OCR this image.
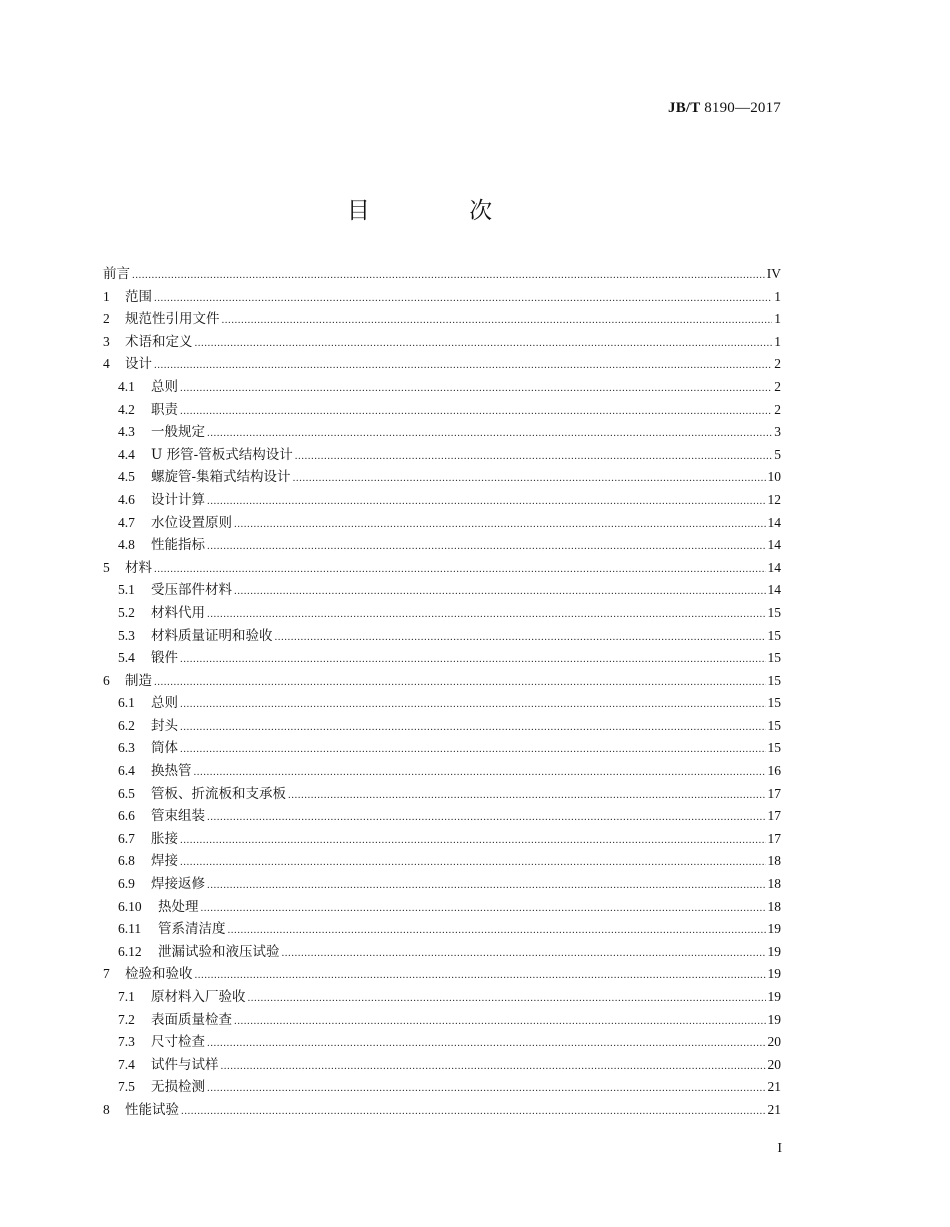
JB/T 8190—2017
目 次
前言 .....	IV
1	范围 .....	1
2	规范性引用文件 .....	1
3	术语和定义 .....	1
4	设计 .....	2
4.1	总则 .....	2
4.2	职责 .....	2
4.3	一般规定 .....	3
4.4	U 形管-管板式结构设计 .....	5
4.5	螺旋管-集箱式结构设计 .....	10
4.6	设计计算 .....	12
4.7	水位设置原则 .....	14
4.8	性能指标 .....	14
5	材料 .....	14
5.1	受压部件材料 .....	14
5.2	材料代用 .....	15
5.3	材料质量证明和验收 .....	15
5.4	锻件 .....	15
6	制造 .....	15
6.1	总则 .....	15
6.2	封头 .....	15
6.3	筒体 .....	15
6.4	换热管 .....	16
6.5	管板、折流板和支承板 .....	17
6.6	管束组装 .....	17
6.7	胀接 .....	17
6.8	焊接 .....	18
6.9	焊接返修 .....	18
6.10	热处理 .....	18
6.11	管系清洁度 .....	19
6.12	泄漏试验和液压试验 .....	19
7	检验和验收 .....	19
7.1	原材料入厂验收 .....	19
7.2	表面质量检查 .....	19
7.3	尺寸检查 .....	20
7.4	试件与试样 .....	20
7.5	无损检测 .....	21
8	性能试验 .....	21
I
